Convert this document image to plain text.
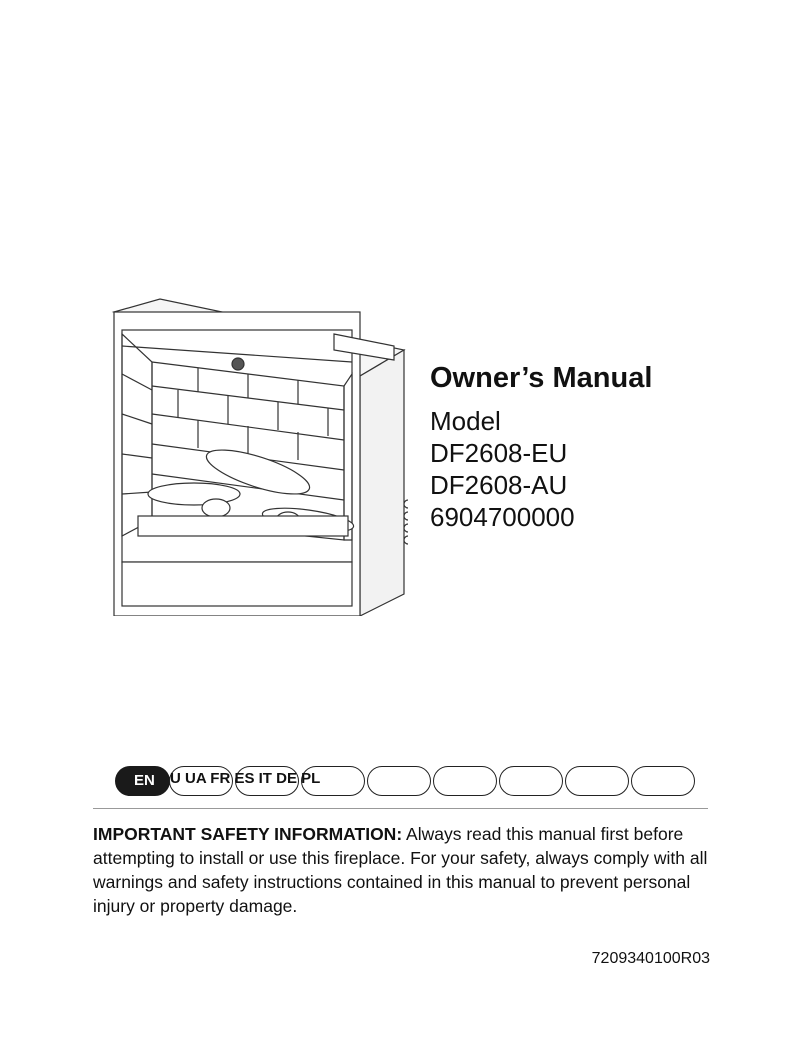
Owner’s Manual
Model
DF2608-EU
DF2608-AU
6904700000
EN U UA FR ES IT DE PL
IMPORTANT SAFETY INFORMATION: Always read this manual first before attempting to install or use this fireplace. For your safety, always comply with all warnings and safety instructions contained in this manual to prevent personal injury or property damage.
7209340100R03
